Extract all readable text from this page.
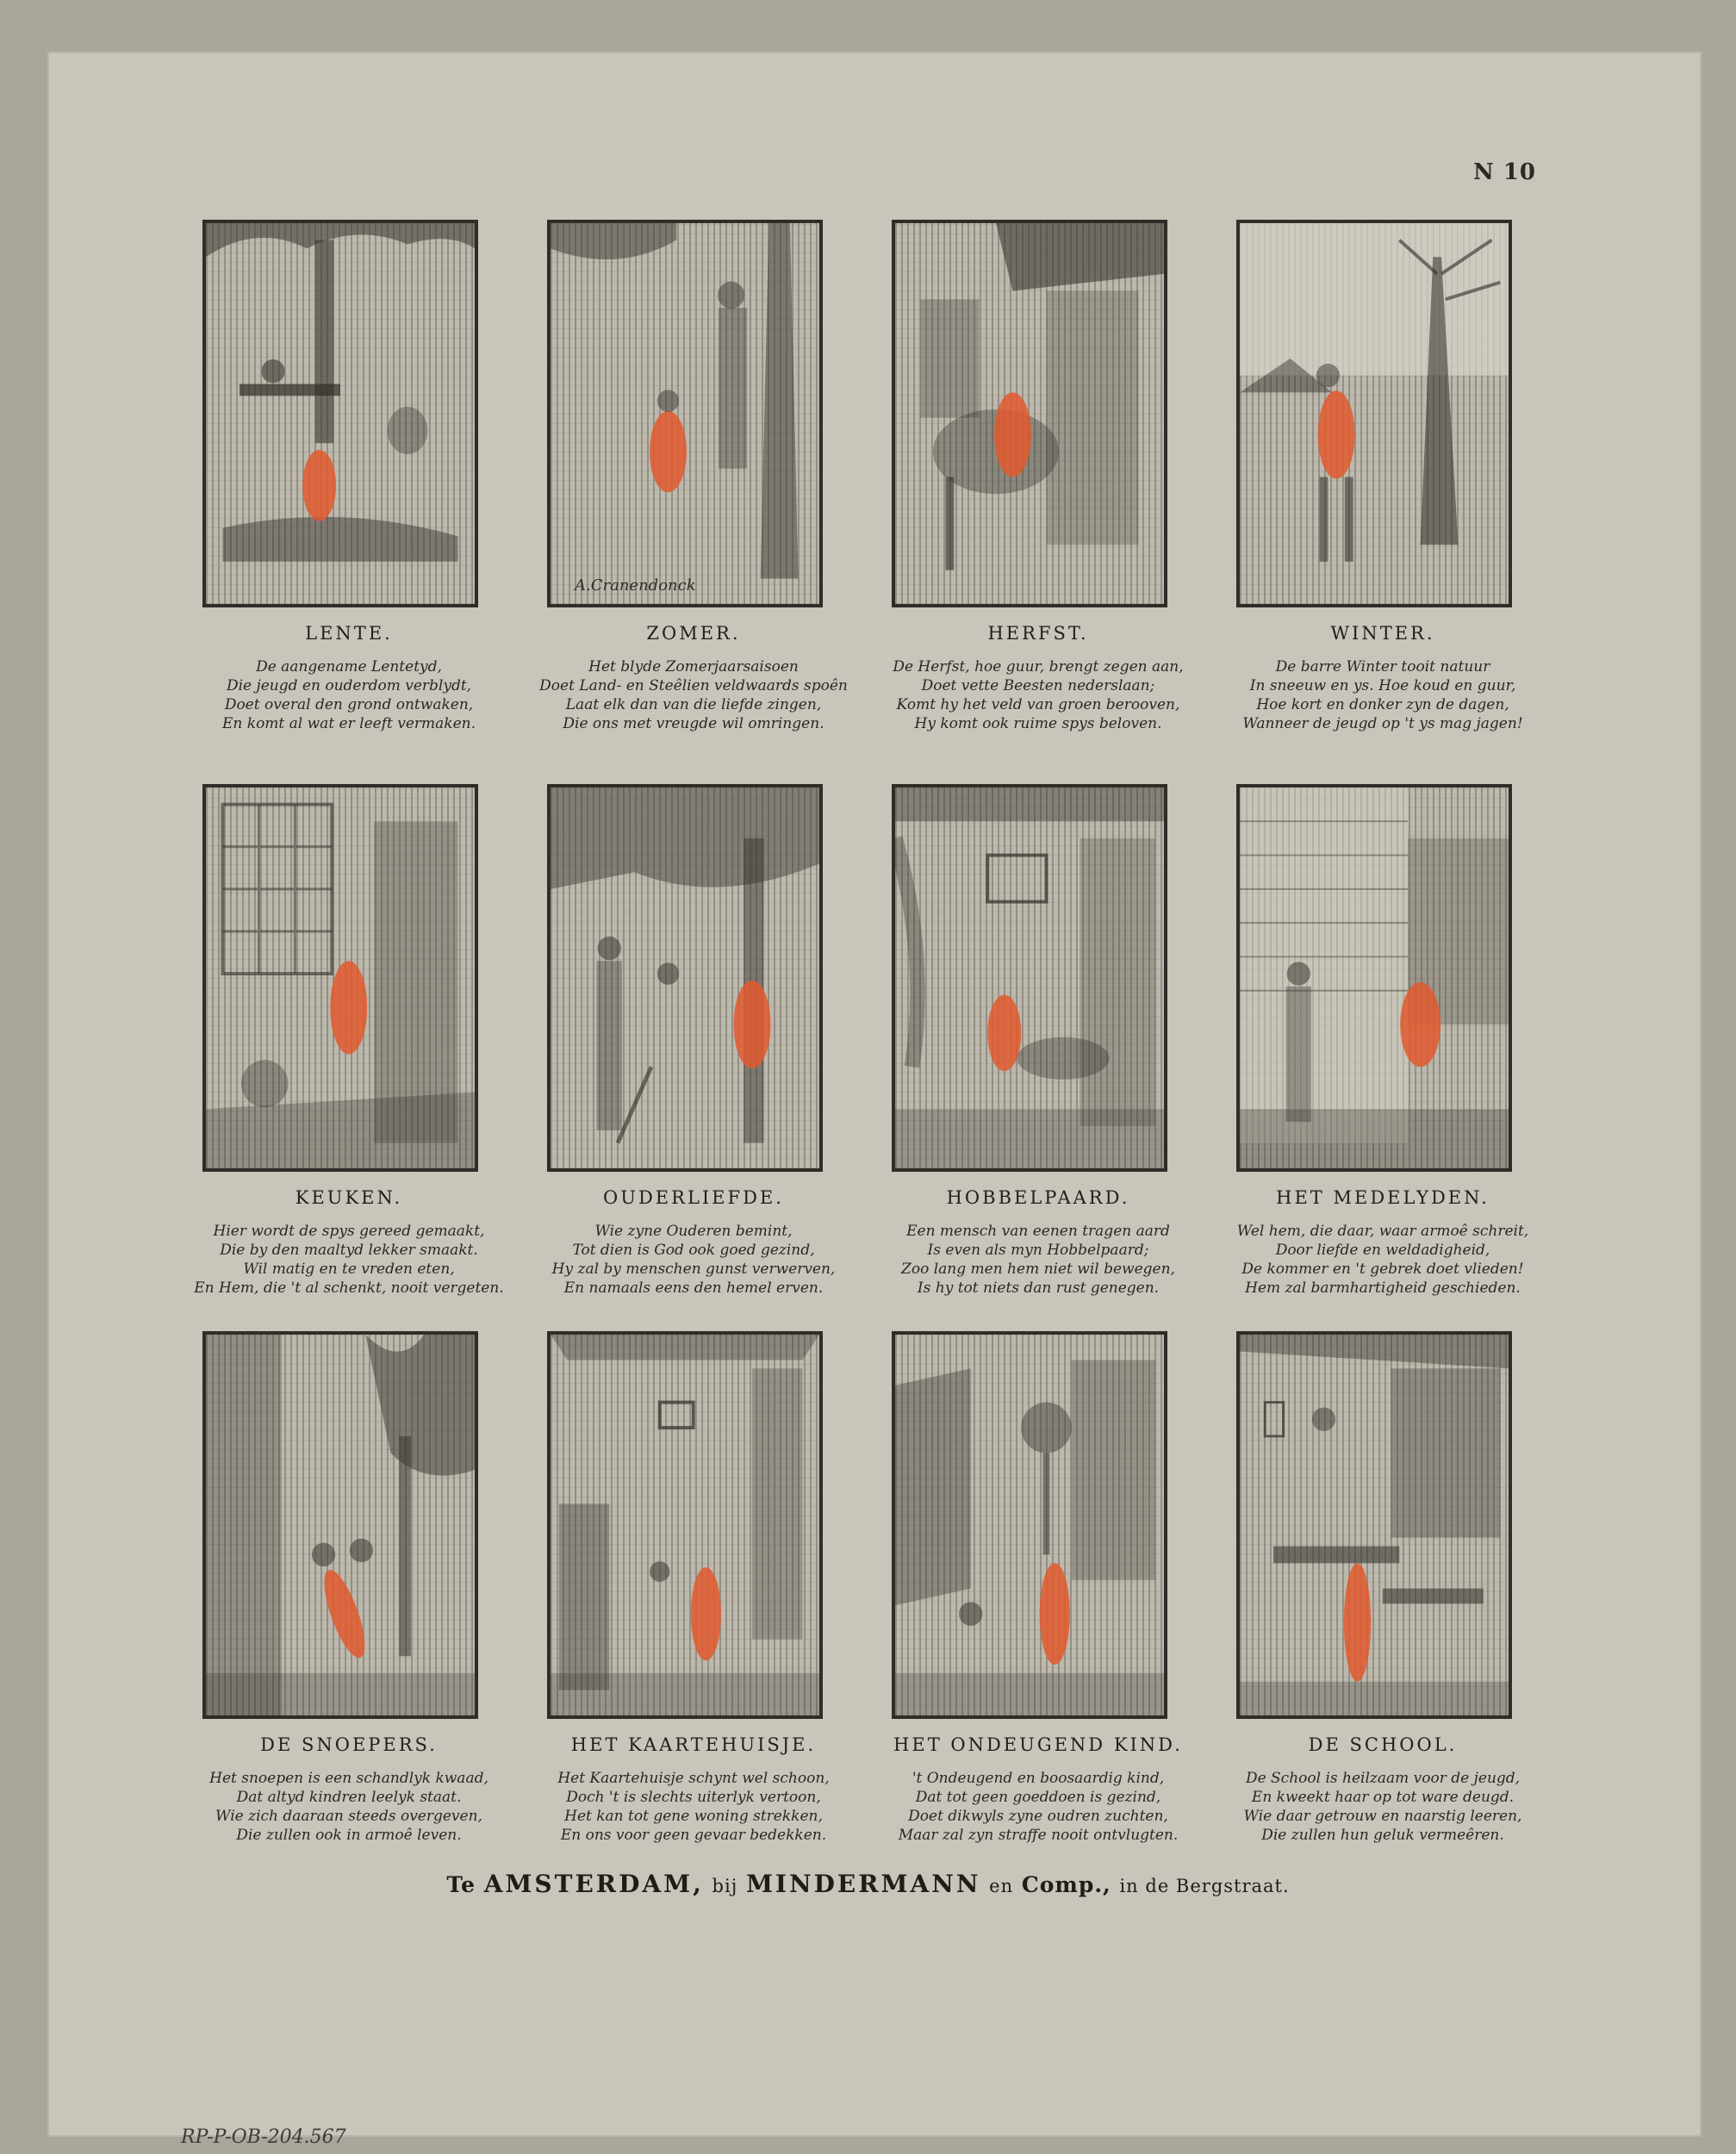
N 10
LENTE.
De aangename Lentetyd,
Die jeugd en ouderdom verblydt,
Doet overal den grond ontwaken,
En komt al wat er leeft vermaken.
A.Cranendonck
ZOMER.
Het blyde Zomerjaarsaisoen
Doet Land- en Steêlien veldwaards spoên
Laat elk dan van die liefde zingen,
Die ons met vreugde wil omringen.
HERFST.
De Herfst, hoe guur, brengt zegen aan,
Doet vette Beesten nederslaan;
Komt hy het veld van groen berooven,
Hy komt ook ruime spys beloven.
WINTER.
De barre Winter tooit natuur
In sneeuw en ys. Hoe koud en guur,
Hoe kort en donker zyn de dagen,
Wanneer de jeugd op 't ys mag jagen!
KEUKEN.
Hier wordt de spys gereed gemaakt,
Die by den maaltyd lekker smaakt.
Wil matig en te vreden eten,
En Hem, die 't al schenkt, nooit vergeten.
OUDERLIEFDE.
Wie zyne Ouderen bemint,
Tot dien is God ook goed gezind,
Hy zal by menschen gunst verwerven,
En namaals eens den hemel erven.
HOBBELPAARD.
Een mensch van eenen tragen aard
Is even als myn Hobbelpaard;
Zoo lang men hem niet wil bewegen,
Is hy tot niets dan rust genegen.
HET MEDELYDEN.
Wel hem, die daar, waar armoê schreit,
Door liefde en weldadigheid,
De kommer en 't gebrek doet vlieden!
Hem zal barmhartigheid geschieden.
DE SNOEPERS.
Het snoepen is een schandlyk kwaad,
Dat altyd kindren leelyk staat.
Wie zich daaraan steeds overgeven,
Die zullen ook in armoê leven.
HET KAARTEHUISJE.
Het Kaartehuisje schynt wel schoon,
Doch 't is slechts uiterlyk vertoon,
Het kan tot gene woning strekken,
En ons voor geen gevaar bedekken.
HET ONDEUGEND KIND.
't Ondeugend en boosaardig kind,
Dat tot geen goeddoen is gezind,
Doet dikwyls zyne oudren zuchten,
Maar zal zyn straffe nooit ontvlugten.
DE SCHOOL.
De School is heilzaam voor de jeugd,
En kweekt haar op tot ware deugd.
Wie daar getrouw en naarstig leeren,
Die zullen hun geluk vermeêren.
Te AMSTERDAM, bij MINDERMANN en Comp., in de Bergstraat.
RP-P-OB-204.567
